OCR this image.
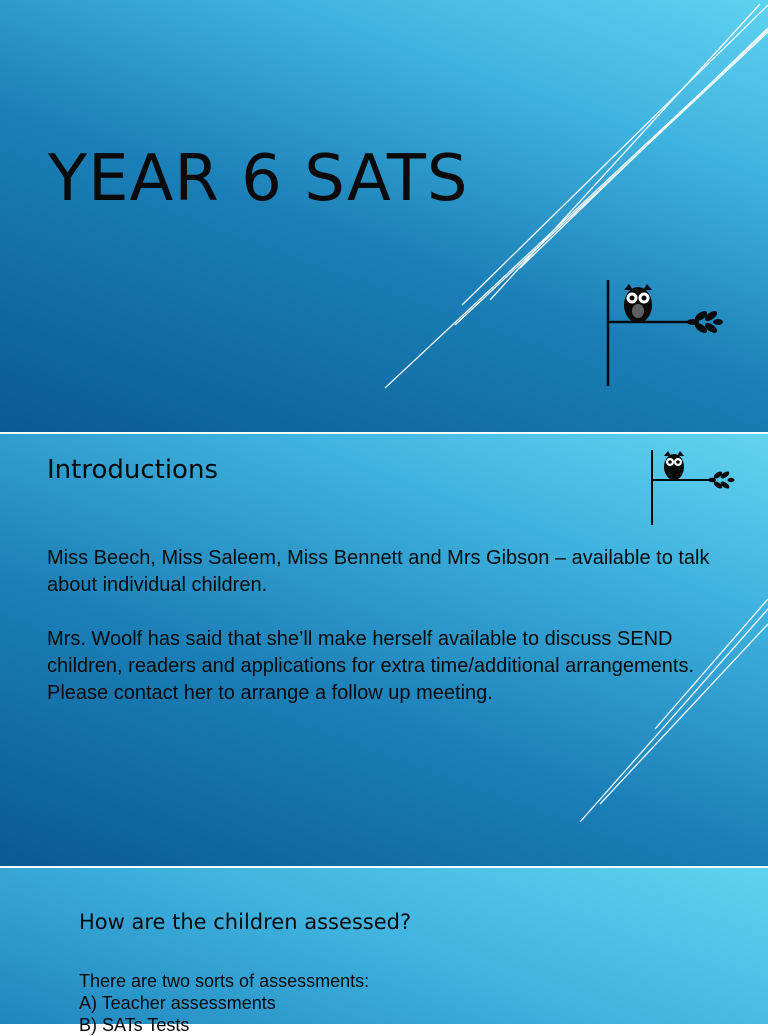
YEAR 6 SATS
Introductions

Miss Beech, Miss Saleem, Miss Bennett and Mrs Gibson – available to talk about individual children.

Mrs. Woolf has said that she’ll make herself available to discuss SEND children, readers and applications for extra time/additional arrangements. Please contact her to arrange a follow up meeting.

How are the children assessed?
There are two sorts of assessments:
A) Teacher assessments
B) SATs Tests
